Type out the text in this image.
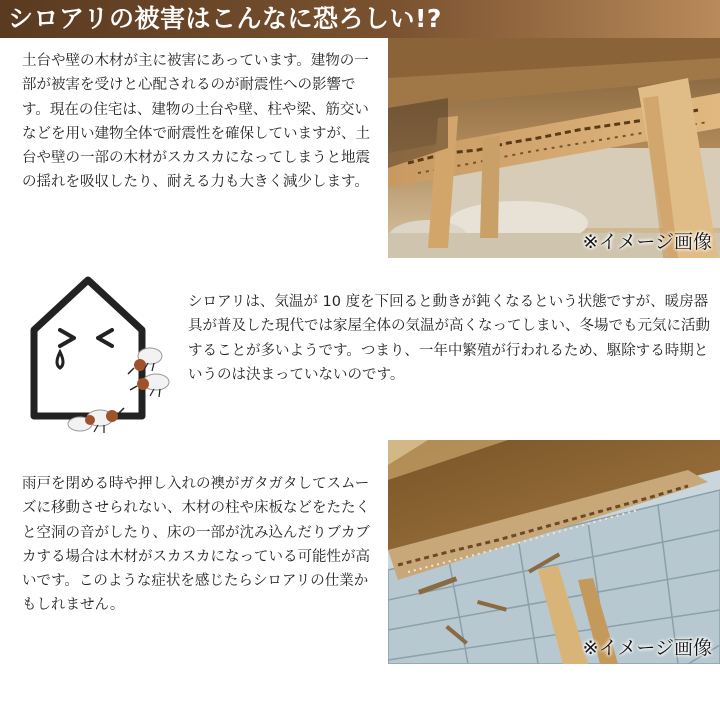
シロアリの被害はこんなに恐ろしい!?

土台や壁の木材が主に被害にあっています。建物の一部が被害を受けと心配されるのが耐震性への影響です。現在の住宅は、建物の土台や壁、柱や梁、筋交いなどを用い建物全体で耐震性を確保していますが、土台や壁の一部の木材がスカスカになってしまうと地震の揺れを吸収したり、耐える力も大きく減少します。

※イメージ画像

シロアリは、気温が 10 度を下回ると動きが鈍くなるという状態ですが、暖房器具が普及した現代では家屋全体の気温が高くなってしまい、冬場でも元気に活動することが多いようです。つまり、一年中繁殖が行われるため、駆除する時期というのは決まっていないのです。

雨戸を閉める時や押し入れの襖がガタガタしてスムーズに移動させられない、木材の柱や床板などをたたくと空洞の音がしたり、床の一部が沈み込んだりブカブカする場合は木材がスカスカになっている可能性が高いです。このような症状を感じたらシロアリの仕業かもしれません。

※イメージ画像
